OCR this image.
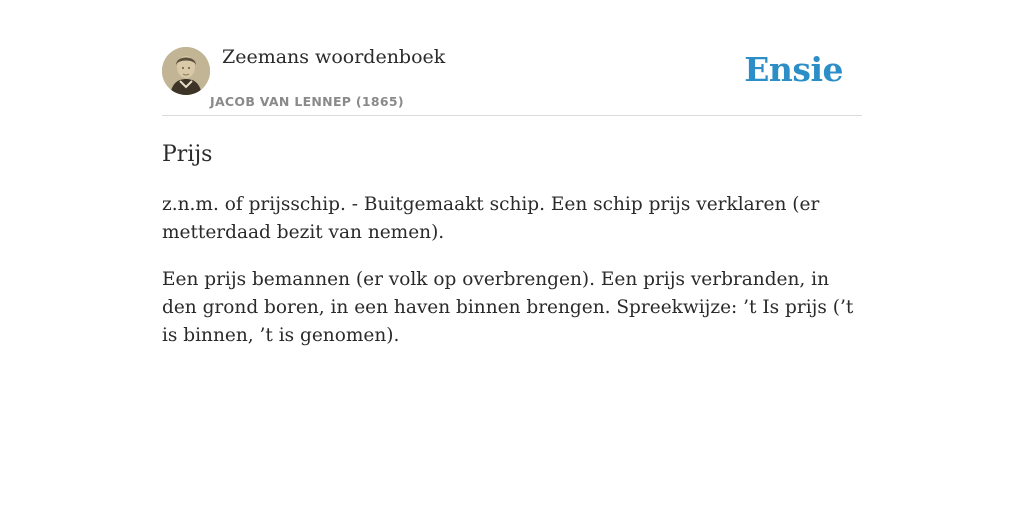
Zeemans woordenboek
JACOB VAN LENNEP (1865)
Ensie
Prijs

z.n.m. of prijsschip. - Buitgemaakt schip. Een schip prijs verklaren (er metterdaad bezit van nemen).

Een prijs bemannen (er volk op overbrengen). Een prijs verbranden, in den grond boren, in een haven binnen brengen. Spreekwijze: ’t Is prijs (’t is binnen, ’t is genomen).
